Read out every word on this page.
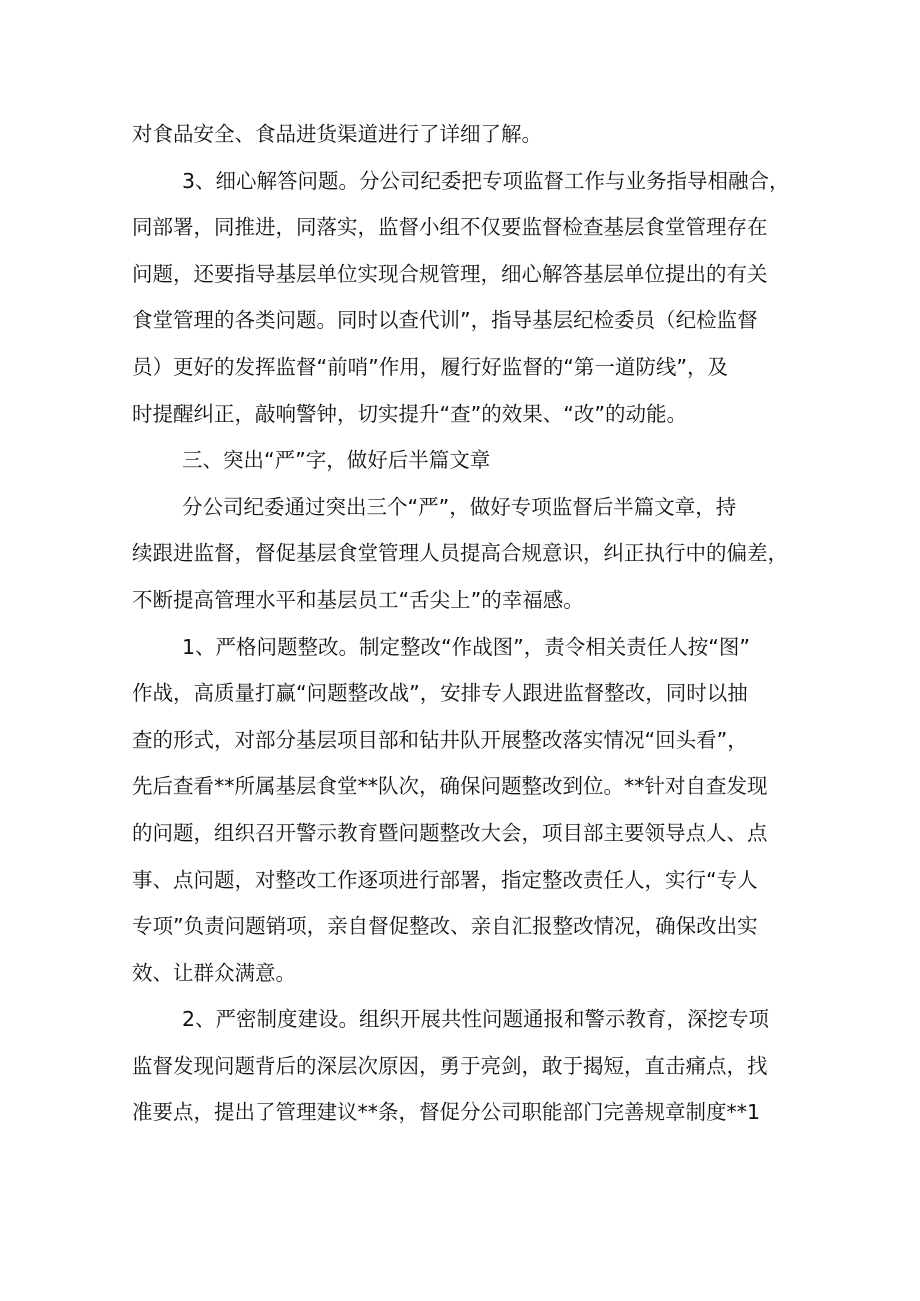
对食品安全、食品进货渠道进行了详细了解。
3、细心解答问题。分公司纪委把专项监督工作与业务指导相融合，
同部署，同推进，同落实，监督小组不仅要监督检查基层食堂管理存在
问题，还要指导基层单位实现合规管理，细心解答基层单位提出的有关
食堂管理的各类问题。同时以查代训”，指导基层纪检委员（纪检监督
员）更好的发挥监督“前哨”作用，履行好监督的“第一道防线”，及
时提醒纠正，敲响警钟，切实提升“查”的效果、“改”的动能。
三、突出“严”字，做好后半篇文章
分公司纪委通过突出三个“严”，做好专项监督后半篇文章，持
续跟进监督，督促基层食堂管理人员提高合规意识，纠正执行中的偏差，
不断提高管理水平和基层员工“舌尖上”的幸福感。
1、严格问题整改。制定整改“作战图”，责令相关责任人按“图”
作战，高质量打赢“问题整改战”，安排专人跟进监督整改，同时以抽
查的形式，对部分基层项目部和钻井队开展整改落实情况“回头看”，
先后查看**所属基层食堂**队次，确保问题整改到位。**针对自查发现
的问题，组织召开警示教育暨问题整改大会，项目部主要领导点人、点
事、点问题，对整改工作逐项进行部署，指定整改责任人，实行“专人
专项”负责问题销项，亲自督促整改、亲自汇报整改情况，确保改出实
效、让群众满意。
2、严密制度建设。组织开展共性问题通报和警示教育，深挖专项
监督发现问题背后的深层次原因，勇于亮剑，敢于揭短，直击痛点，找
准要点，提出了管理建议**条，督促分公司职能部门完善规章制度**1
